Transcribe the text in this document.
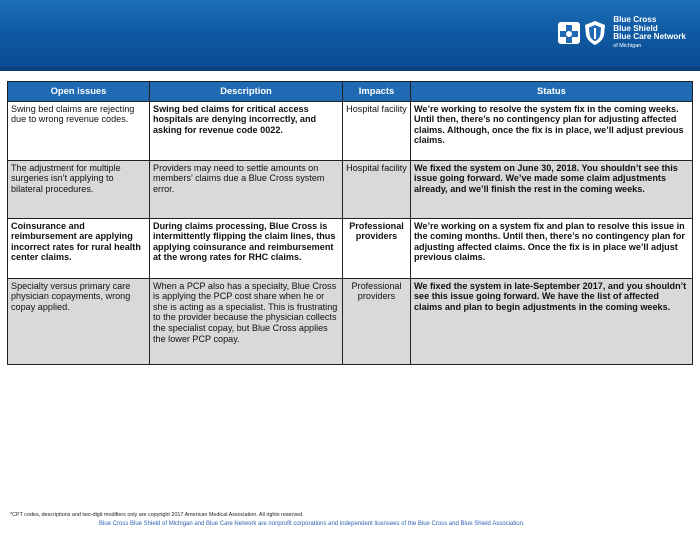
Blue Cross
Blue Shield
Blue Care Network
of Michigan
Open issues	Description	Impacts	Status
Swing bed claims are rejecting due to wrong revenue codes.	Swing bed claims for critical access hospitals are denying incorrectly, and asking for revenue code 0022.	Hospital facility	We’re working to resolve the system fix in the coming weeks. Until then, there’s no contingency plan for adjusting affected claims. Although, once the fix is in place, we’ll adjust previous claims.
The adjustment for multiple surgeries isn’t applying to bilateral procedures.	Providers may need to settle amounts on members’ claims due a Blue Cross system error.	Hospital facility	We fixed the system on June 30, 2018. You shouldn’t see this issue going forward. We’ve made some claim adjustments already, and we’ll finish the rest in the coming weeks.
Coinsurance and reimbursement are applying incorrect rates for rural health center claims.	During claims processing, Blue Cross is intermittently flipping the claim lines, thus applying coinsurance and reimbursement at the wrong rates for RHC claims.	Professional providers	We’re working on a system fix and plan to resolve this issue in the coming months. Until then, there’s no contingency plan for adjusting affected claims. Once the fix is in place we’ll adjust previous claims.
Specialty versus primary care physician copayments, wrong copay applied.	When a PCP also has a specialty, Blue Cross is applying the PCP cost share when he or she is acting as a specialist. This is frustrating to the provider because the physician collects the specialist copay, but Blue Cross applies the lower PCP copay.	Professional providers	We fixed the system in late-September 2017, and you shouldn’t see this issue going forward. We have the list of affected claims and plan to begin adjustments in the coming weeks.
*CPT codes, descriptions and two-digit modifiers only are copyright 2017 American Medical Association. All rights reserved.
Blue Cross Blue Shield of Michigan and Blue Care Network are nonprofit corporations and independent licensees of the Blue Cross and Blue Shield Association.
